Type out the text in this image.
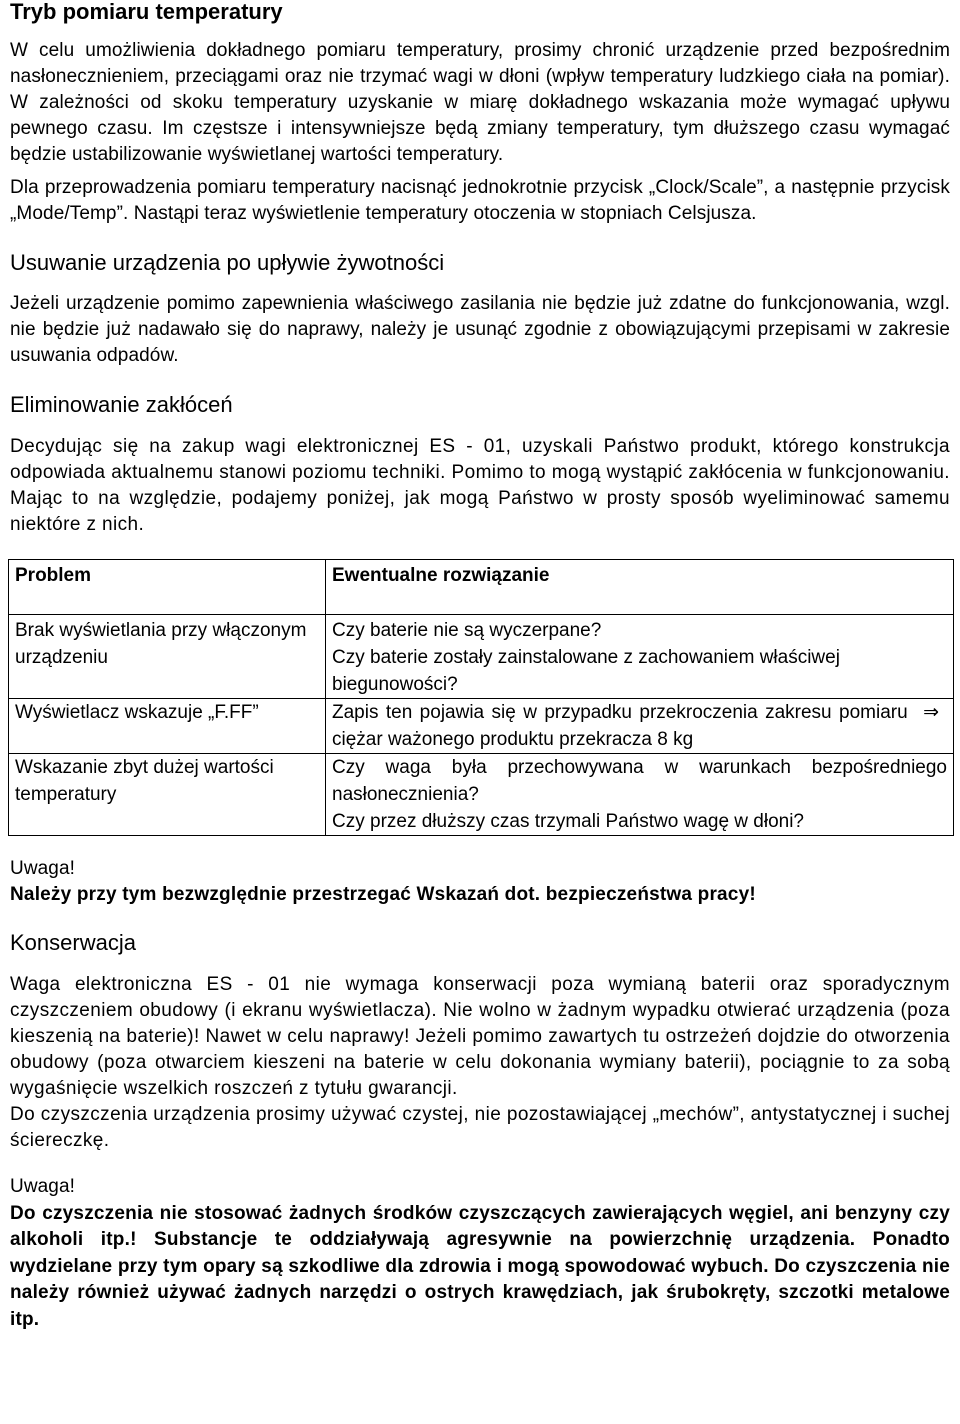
Tryb pomiaru temperatury

W celu umożliwienia dokładnego pomiaru temperatury, prosimy chronić urządzenie przed bezpośrednim nasłonecznieniem, przeciągami oraz nie trzymać wagi w dłoni (wpływ temperatury ludzkiego ciała na pomiar). W zależności od skoku temperatury uzyskanie w miarę dokładnego wskazania może wymagać upływu pewnego czasu. Im częstsze i intensywniejsze będą zmiany temperatury, tym dłuższego czasu wymagać będzie ustabilizowanie wyświetlanej wartości temperatury.

Dla przeprowadzenia pomiaru temperatury nacisnąć jednokrotnie przycisk „Clock/Scale”, a następnie przycisk „Mode/Temp”. Nastąpi teraz wyświetlenie temperatury otoczenia w stopniach Celsjusza.

Usuwanie urządzenia po upływie żywotności

Jeżeli urządzenie pomimo zapewnienia właściwego zasilania nie będzie już zdatne do funkcjonowania, wzgl. nie będzie już nadawało się do naprawy, należy je usunąć zgodnie z obowiązującymi przepisami w zakresie usuwania odpadów.

Eliminowanie zakłóceń

Decydując się na zakup wagi elektronicznej ES - 01, uzyskali Państwo produkt, którego konstrukcja odpowiada aktualnemu stanowi poziomu techniki. Pomimo to mogą wystąpić zakłócenia w funkcjonowaniu. Mając to na względzie, podajemy poniżej, jak mogą Państwo w prosty sposób wyeliminować samemu niektóre z nich.

Problem	Ewentualne rozwiązanie
Brak wyświetlania przy włączonym urządzeniu	Czy baterie nie są wyczerpane?
Czy baterie zostały zainstalowane z zachowaniem właściwej biegunowości?

Wyświetlacz wskazuje „F.FF”	Zapis ten pojawia się w przypadku przekroczenia zakresu pomiaru ⇒ciężar ważonego produktu przekracza 8 kg
Wskazanie zbyt dużej wartości temperatury	Czy waga była przechowywana w warunkach bezpośredniego nasłonecznienia?
Czy przez dłuższy czas trzymali Państwo wagę w dłoni?

Uwaga!

Należy przy tym bezwzględnie przestrzegać Wskazań dot. bezpieczeństwa pracy!

Konserwacja

Waga elektroniczna ES - 01 nie wymaga konserwacji poza wymianą baterii oraz sporadycznym czyszczeniem obudowy (i ekranu wyświetlacza). Nie wolno w żadnym wypadku otwierać urządzenia (poza kieszenią na baterie)! Nawet w celu naprawy! Jeżeli pomimo zawartych tu ostrzeżeń dojdzie do otworzenia obudowy (poza otwarciem kieszeni na baterie w celu dokonania wymiany baterii), pociągnie to za sobą wygaśnięcie wszelkich roszczeń z tytułu gwarancji.

Do czyszczenia urządzenia prosimy używać czystej, nie pozostawiającej „mechów”, antystatycznej i suchej ściereczkę.

Uwaga!

Do czyszczenia nie stosować żadnych środków czyszczących zawierających węgiel, ani benzyny czy alkoholi itp.! Substancje te oddziaływają agresywnie na powierzchnię urządzenia. Ponadto wydzielane przy tym opary są szkodliwe dla zdrowia i mogą spowodować wybuch. Do czyszczenia nie należy również używać żadnych narzędzi o ostrych krawędziach, jak śrubokręty, szczotki metalowe itp.
